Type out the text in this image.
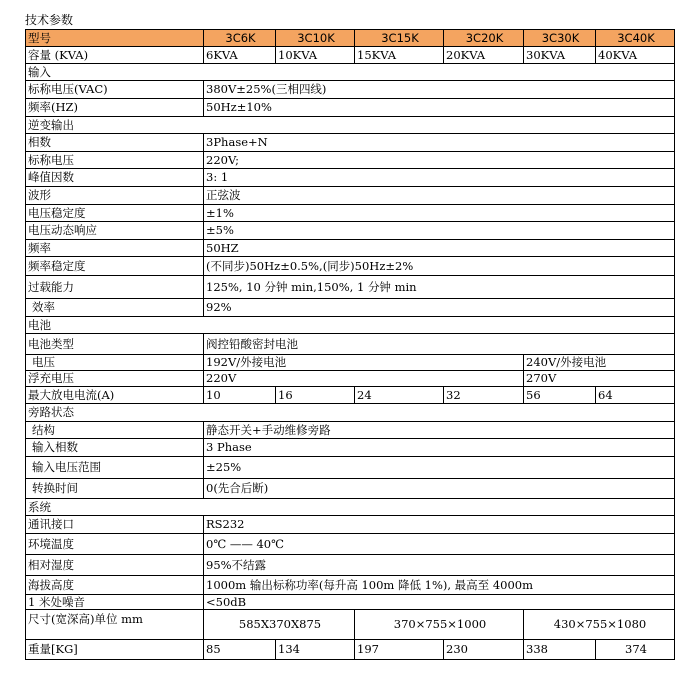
技术参数
型号	3C6K	3C10K	3C15K	3C20K	3C30K	3C40K
容量 (KVA)	6KVA	10KVA	15KVA	20KVA	30KVA	40KVA
输入						
标称电压(VAC)	380V±25%(三相四线)					
频率(HZ)	50Hz±10%					
逆变输出						
相数	3Phase+N					
标称电压	220V;					
峰值因数	3: 1					
波形	正弦波					
电压稳定度	±1%					
电压动态响应	±5%					
频率	50HZ					
频率稳定度	(不同步)50Hz±0.5%,(同步)50Hz±2%					
过载能力	125%, 10 分钟 min,150%, 1 分钟 min					
效率	92%					
电池						
电池类型	阀控铅酸密封电池					
电压	192V/外接电池				240V/外接电池	
浮充电压	220V				270V	
最大放电电流(A)	10	16	24	32	56	64
旁路状态						
结构	静态开关+手动维修旁路					
输入相数	3 Phase					
输入电压范围	±25%					
转换时间	0(先合后断)					
系统						
通讯接口	RS232					
环境温度	0℃ —— 40℃					
相对湿度	95%不结露					
海拔高度	1000m 输出标称功率(每升高 100m 降低 1%), 最高至 4000m					
1 米处噪音	<50dB					
尺寸(宽深高)单位 mm	585X370X875		370×755×1000		430×755×1080	
重量[KG]	85	134	197	230	338	374
